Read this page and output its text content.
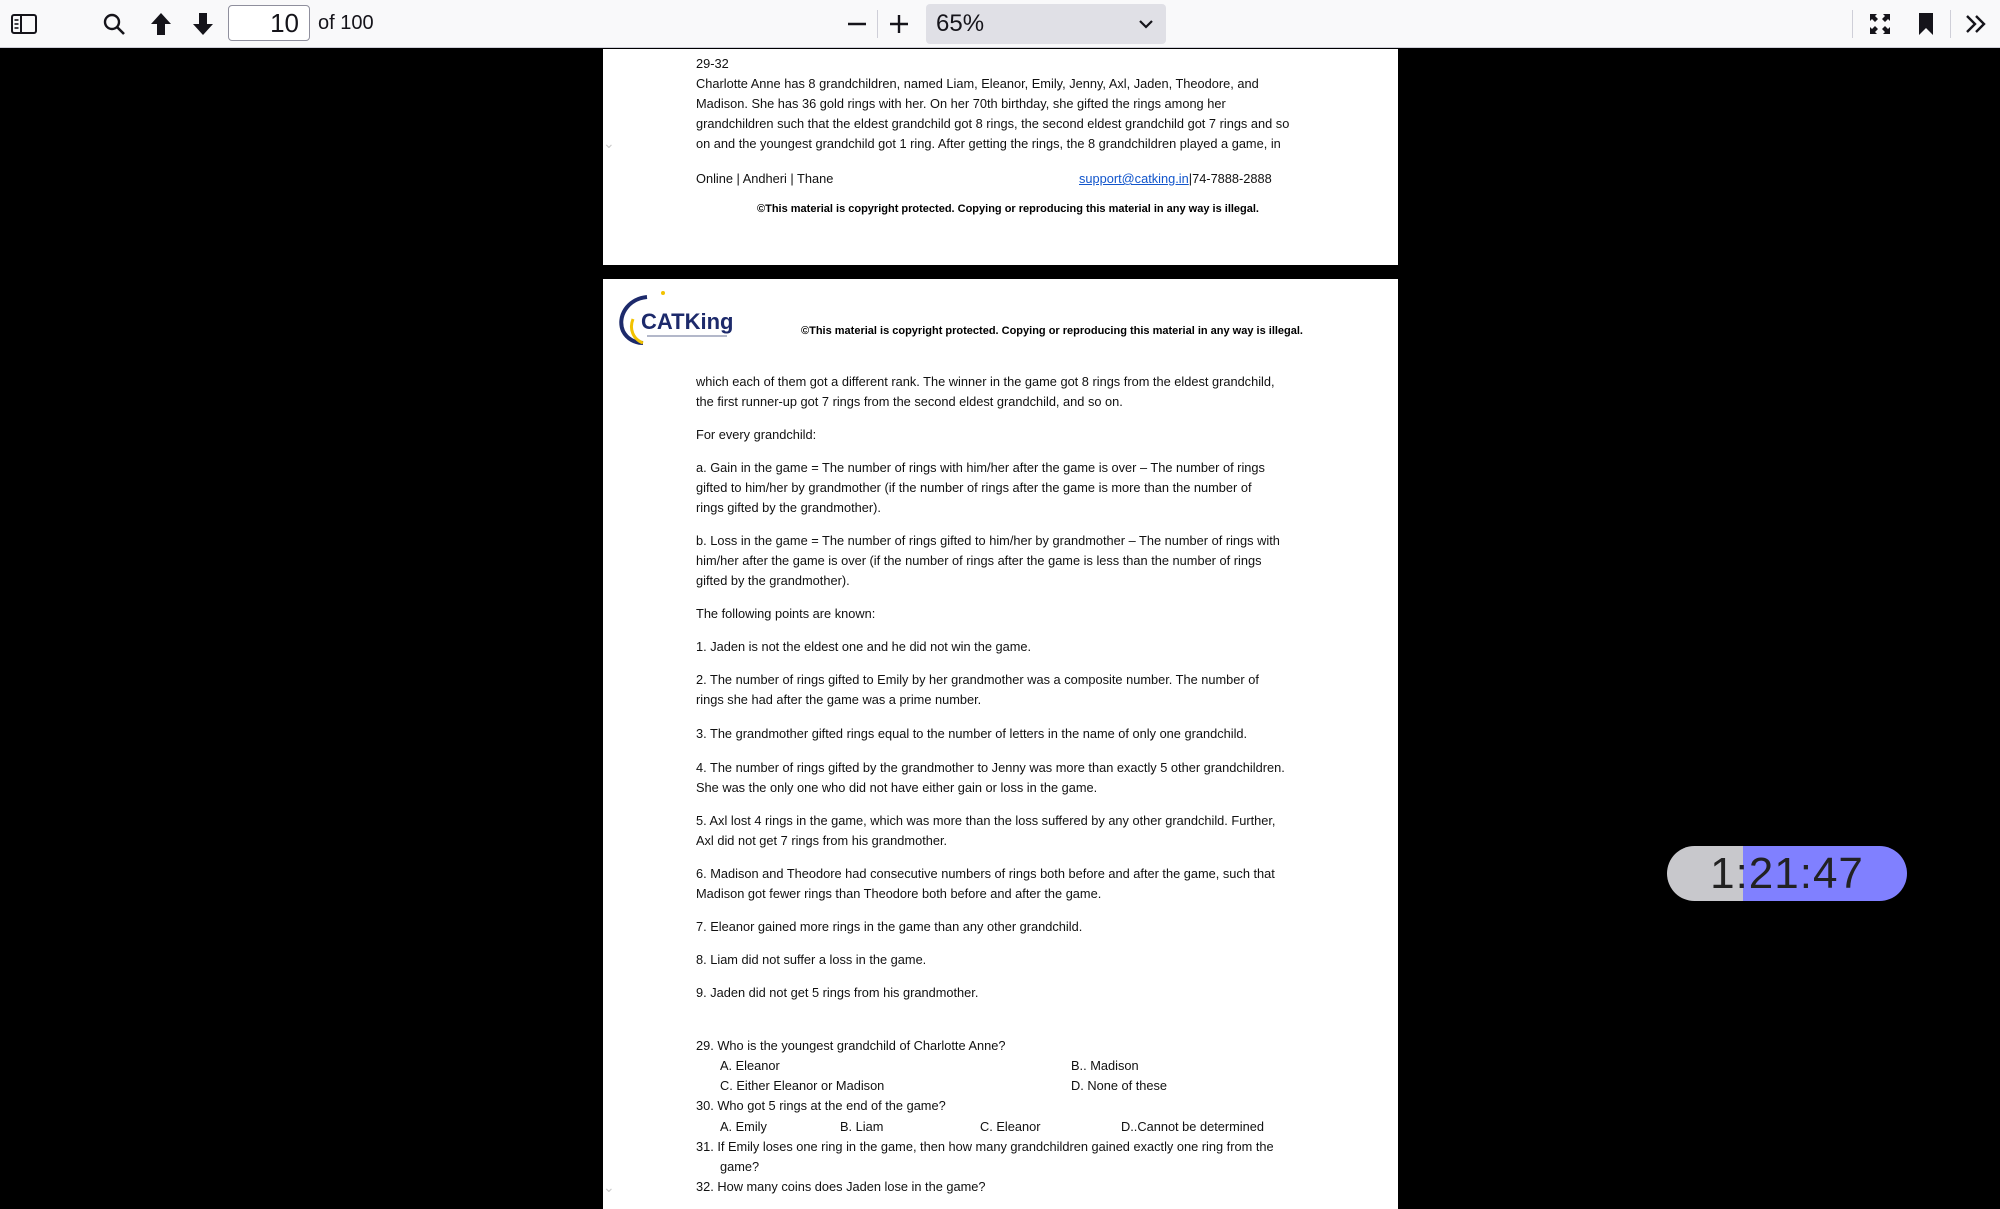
10
of 100	65%
29-32
Charlotte Anne has 8 grandchildren, named Liam, Eleanor, Emily, Jenny, Axl, Jaden, Theodore, and
Madison. She has 36 gold rings with her. On her 70th birthday, she gifted the rings among her
grandchildren such that the eldest grandchild got 8 rings, the second eldest grandchild got 7 rings and so
on and the youngest grandchild got 1 ring. After getting the rings, the 8 grandchildren played a game, in
⌄
Online | Andheri | Thane	support@catking.in|74-7888-2888
©This material is copyright protected. Copying or reproducing this material in any way is illegal.
CATKing	©This material is copyright protected. Copying or reproducing this material in any way is illegal.
which each of them got a different rank. The winner in the game got 8 rings from the eldest grandchild,
the first runner-up got 7 rings from the second eldest grandchild, and so on.
For every grandchild:
a. Gain in the game = The number of rings with him/her after the game is over – The number of rings
gifted to him/her by grandmother (if the number of rings after the game is more than the number of
rings gifted by the grandmother).
b. Loss in the game = The number of rings gifted to him/her by grandmother – The number of rings with
him/her after the game is over (if the number of rings after the game is less than the number of rings
gifted by the grandmother).
The following points are known:
1. Jaden is not the eldest one and he did not win the game.
2. The number of rings gifted to Emily by her grandmother was a composite number. The number of
rings she had after the game was a prime number.
3. The grandmother gifted rings equal to the number of letters in the name of only one grandchild.
4. The number of rings gifted by the grandmother to Jenny was more than exactly 5 other grandchildren.
She was the only one who did not have either gain or loss in the game.
5. Axl lost 4 rings in the game, which was more than the loss suffered by any other grandchild. Further,
Axl did not get 7 rings from his grandmother.
6. Madison and Theodore had consecutive numbers of rings both before and after the game, such that
Madison got fewer rings than Theodore both before and after the game.
7. Eleanor gained more rings in the game than any other grandchild.
8. Liam did not suffer a loss in the game.
9. Jaden did not get 5 rings from his grandmother.
29. Who is the youngest grandchild of Charlotte Anne?
A. Eleanor	B.. Madison
C. Either Eleanor or Madison	D. None of these
30. Who got 5 rings at the end of the game?
A. Emily	B. Liam	C. Eleanor	D..Cannot be determined
31. If Emily loses one ring in the game, then how many grandchildren gained exactly one ring from the
game?
32. How many coins does Jaden lose in the game?
⌄
1:21:47
